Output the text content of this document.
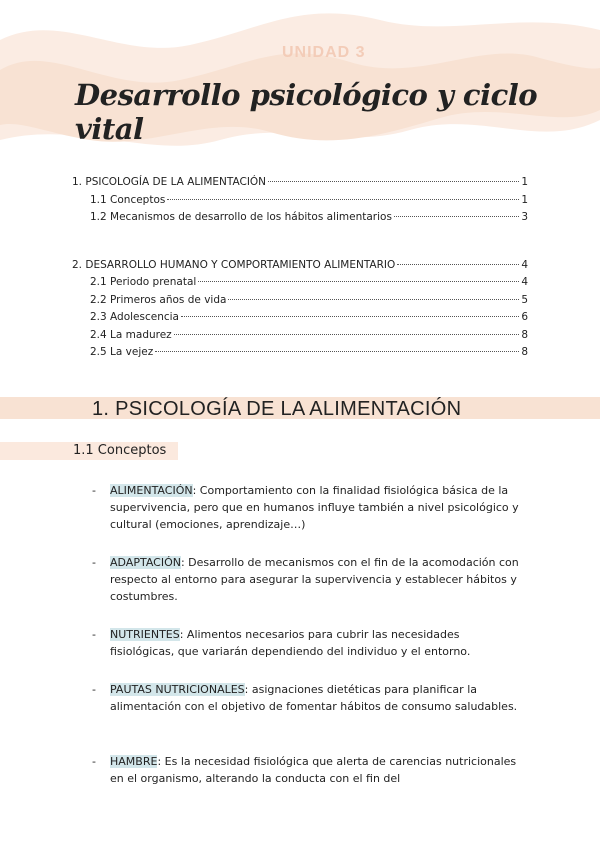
UNIDAD 3
Desarrollo psicológico y ciclo vital
1. PSICOLOGÍA DE LA ALIMENTACIÓN	1
1.1 Conceptos	1
1.2 Mecanismos de desarrollo de los hábitos alimentarios	3
2. DESARROLLO HUMANO Y COMPORTAMIENTO ALIMENTARIO	4
2.1 Periodo prenatal	4
2.2 Primeros años de vida	5
2.3 Adolescencia	6
2.4 La madurez	8
2.5 La vejez	8
1. PSICOLOGÍA DE LA ALIMENTACIÓN
1.1 Conceptos
- ALIMENTACIÓN: Comportamiento con la finalidad fisiológica básica de la supervivencia, pero que en humanos influye también a nivel psicológico y cultural (emociones, aprendizaje…)
- ADAPTACIÓN: Desarrollo de mecanismos con el fin de la acomodación con respecto al entorno para asegurar la supervivencia y establecer hábitos y costumbres.
- NUTRIENTES: Alimentos necesarios para cubrir las necesidades fisiológicas, que variarán dependiendo del individuo y el entorno.
- PAUTAS NUTRICIONALES: asignaciones dietéticas para planificar la alimentación con el objetivo de fomentar hábitos de consumo saludables.
- HAMBRE: Es la necesidad fisiológica que alerta de carencias nutricionales en el organismo, alterando la conducta con el fin del
